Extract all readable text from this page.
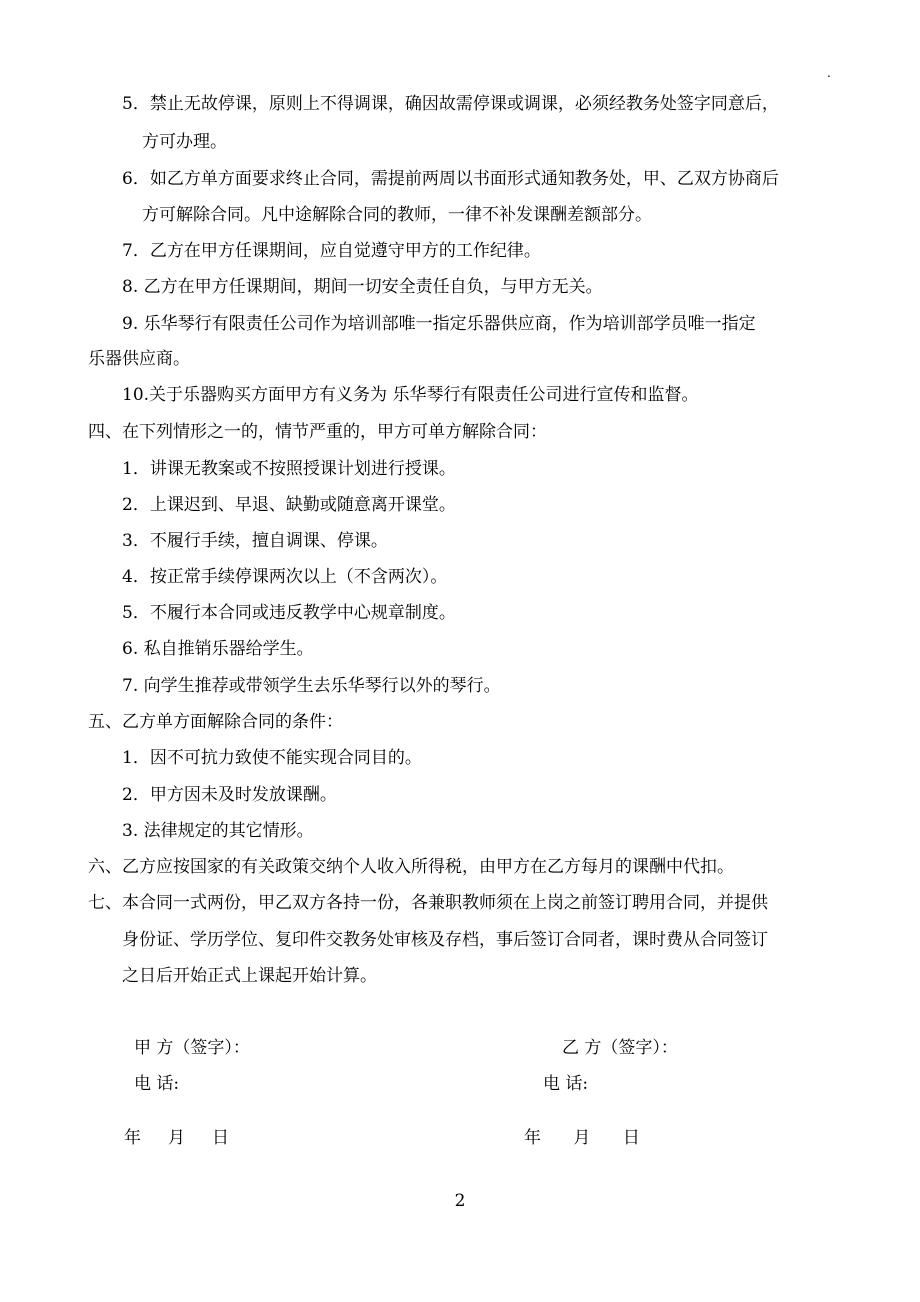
.
5．禁止无故停课，原则上不得调课，确因故需停课或调课，必须经教务处签字同意后，
方可办理。
6．如乙方单方面要求终止合同，需提前两周以书面形式通知教务处，甲、乙双方协商后
方可解除合同。凡中途解除合同的教师，一律不补发课酬差额部分。
7．乙方在甲方任课期间，应自觉遵守甲方的工作纪律。
8. 乙方在甲方任课期间，期间一切安全责任自负，与甲方无关。
9. 乐华琴行有限责任公司作为培训部唯一指定乐器供应商，作为培训部学员唯一指定
乐器供应商。
10.关于乐器购买方面甲方有义务为 乐华琴行有限责任公司进行宣传和监督。
四、在下列情形之一的，情节严重的，甲方可单方解除合同：
1．讲课无教案或不按照授课计划进行授课。
2．上课迟到、早退、缺勤或随意离开课堂。
3．不履行手续，擅自调课、停课。
4．按正常手续停课两次以上（不含两次）。
5．不履行本合同或违反教学中心规章制度。
6. 私自推销乐器给学生。
7. 向学生推荐或带领学生去乐华琴行以外的琴行。
五、乙方单方面解除合同的条件：
1．因不可抗力致使不能实现合同目的。
2．甲方因未及时发放课酬。
3. 法律规定的其它情形。
六、乙方应按国家的有关政策交纳个人收入所得税，由甲方在乙方每月的课酬中代扣。
七、本合同一式两份，甲乙双方各持一份，各兼职教师须在上岗之前签订聘用合同，并提供
身份证、学历学位、复印件交教务处审核及存档，事后签订合同者，课时费从合同签订
之日后开始正式上课起开始计算。
甲 方（签字）：	乙 方（签字）：
电 话:	电 话:
年     月     日	年      月      日
2
